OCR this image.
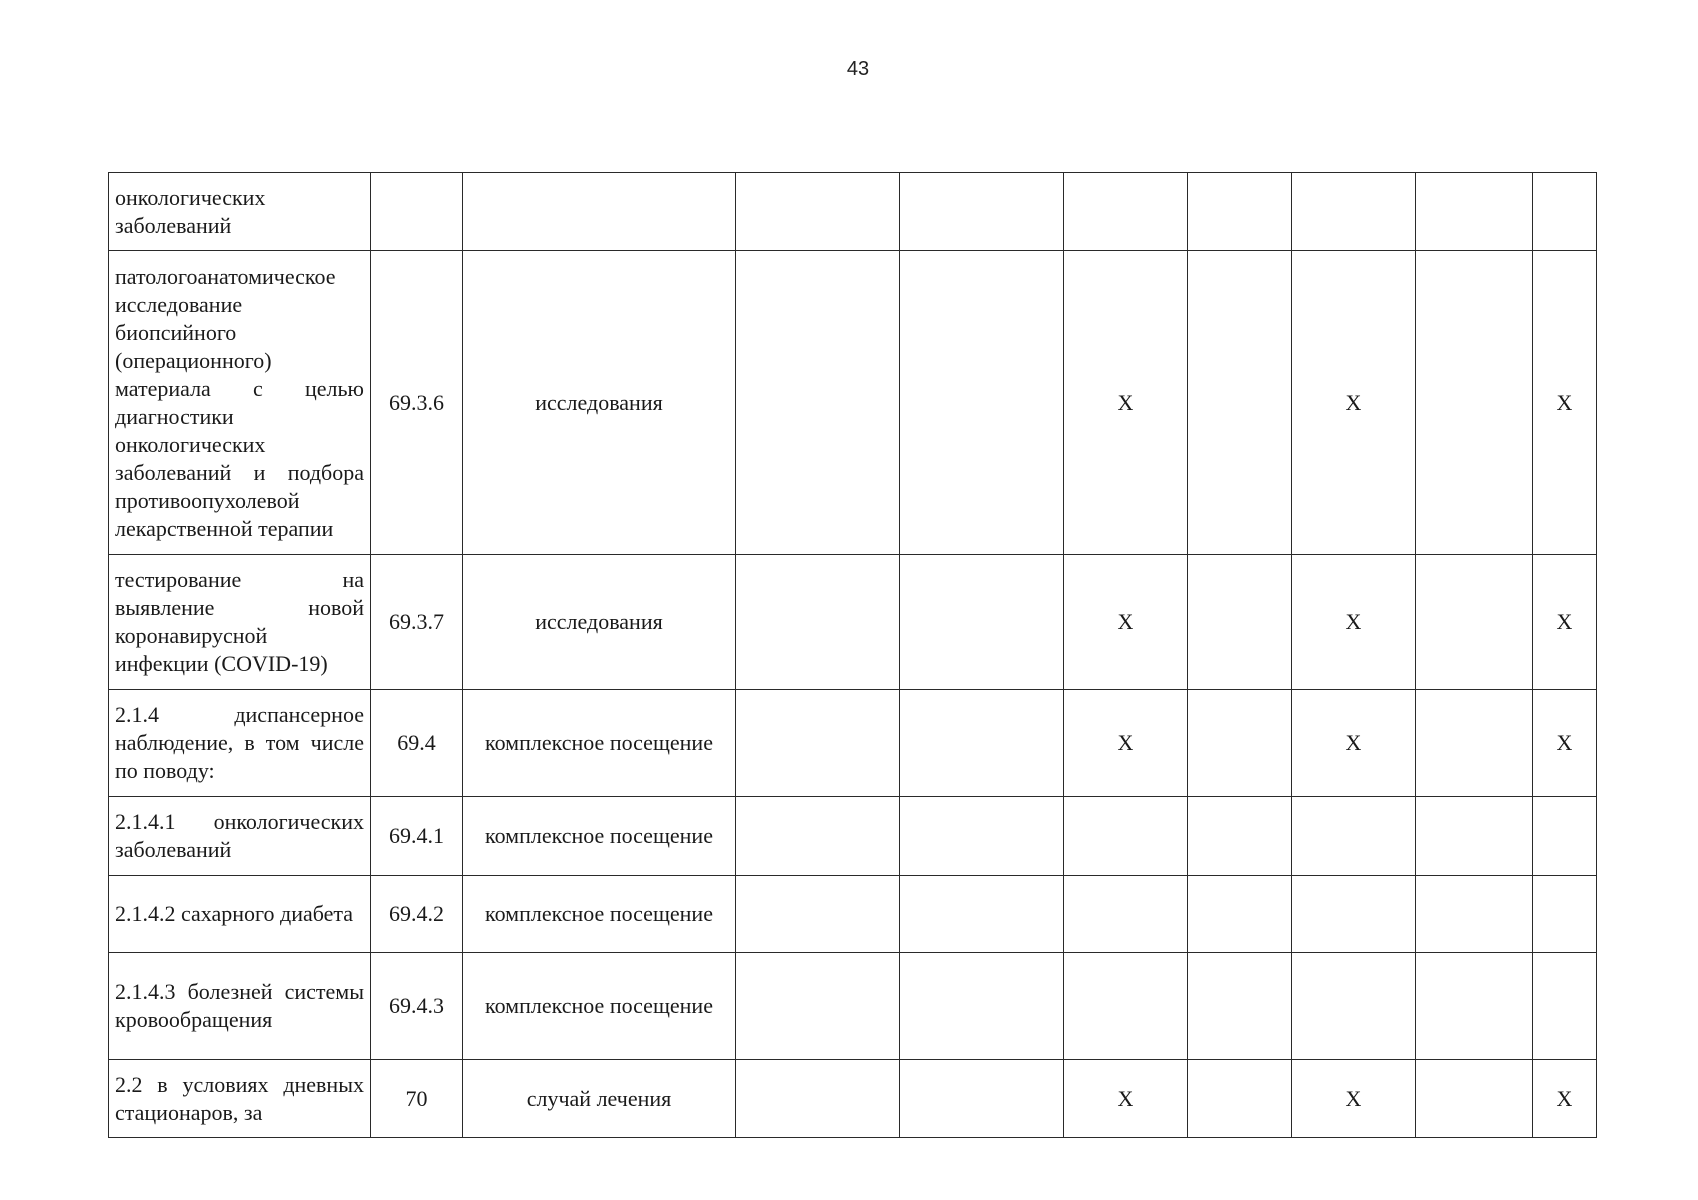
43
онкологических заболеваний									

патологоанатомическое исследование биопсийного (операционного) материала с целью диагностики онкологических заболеваний и подбора противоопухолевой лекарственной терапии	69.3.6	исследования			X		X		X

тестирование на выявление новой коронавирусной инфекции (COVID-19)	69.3.7	исследования			X		X		X

2.1.4 диспансерное наблюдение, в том числе по поводу:	69.4	комплексное посещение			X		X		X

2.1.4.1 онкологических заболеваний	69.4.1	комплексное посещение							

2.1.4.2 сахарного диабета	69.4.2	комплексное посещение							

2.1.4.3 болезней системы кровообращения	69.4.3	комплексное посещение							

2.2 в условиях дневных стационаров, за	70	случай лечения			X		X		X
